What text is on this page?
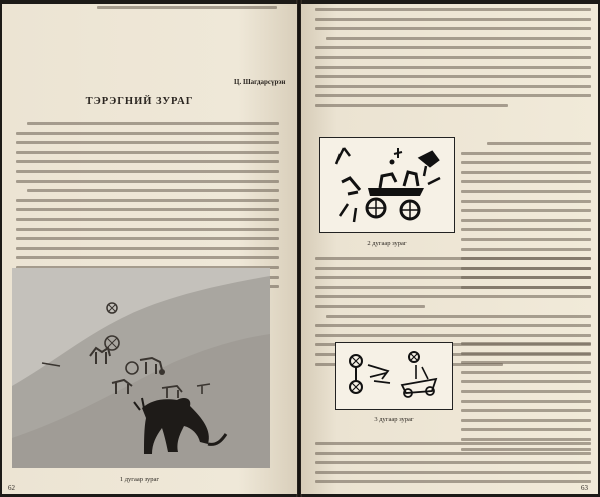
Ц. Шагдарсүрэн
ТЭРЭГНИЙ ЗУРАГ
1 дугаар зураг
62
2 дугаар зураг
3 дугаар зураг
63
